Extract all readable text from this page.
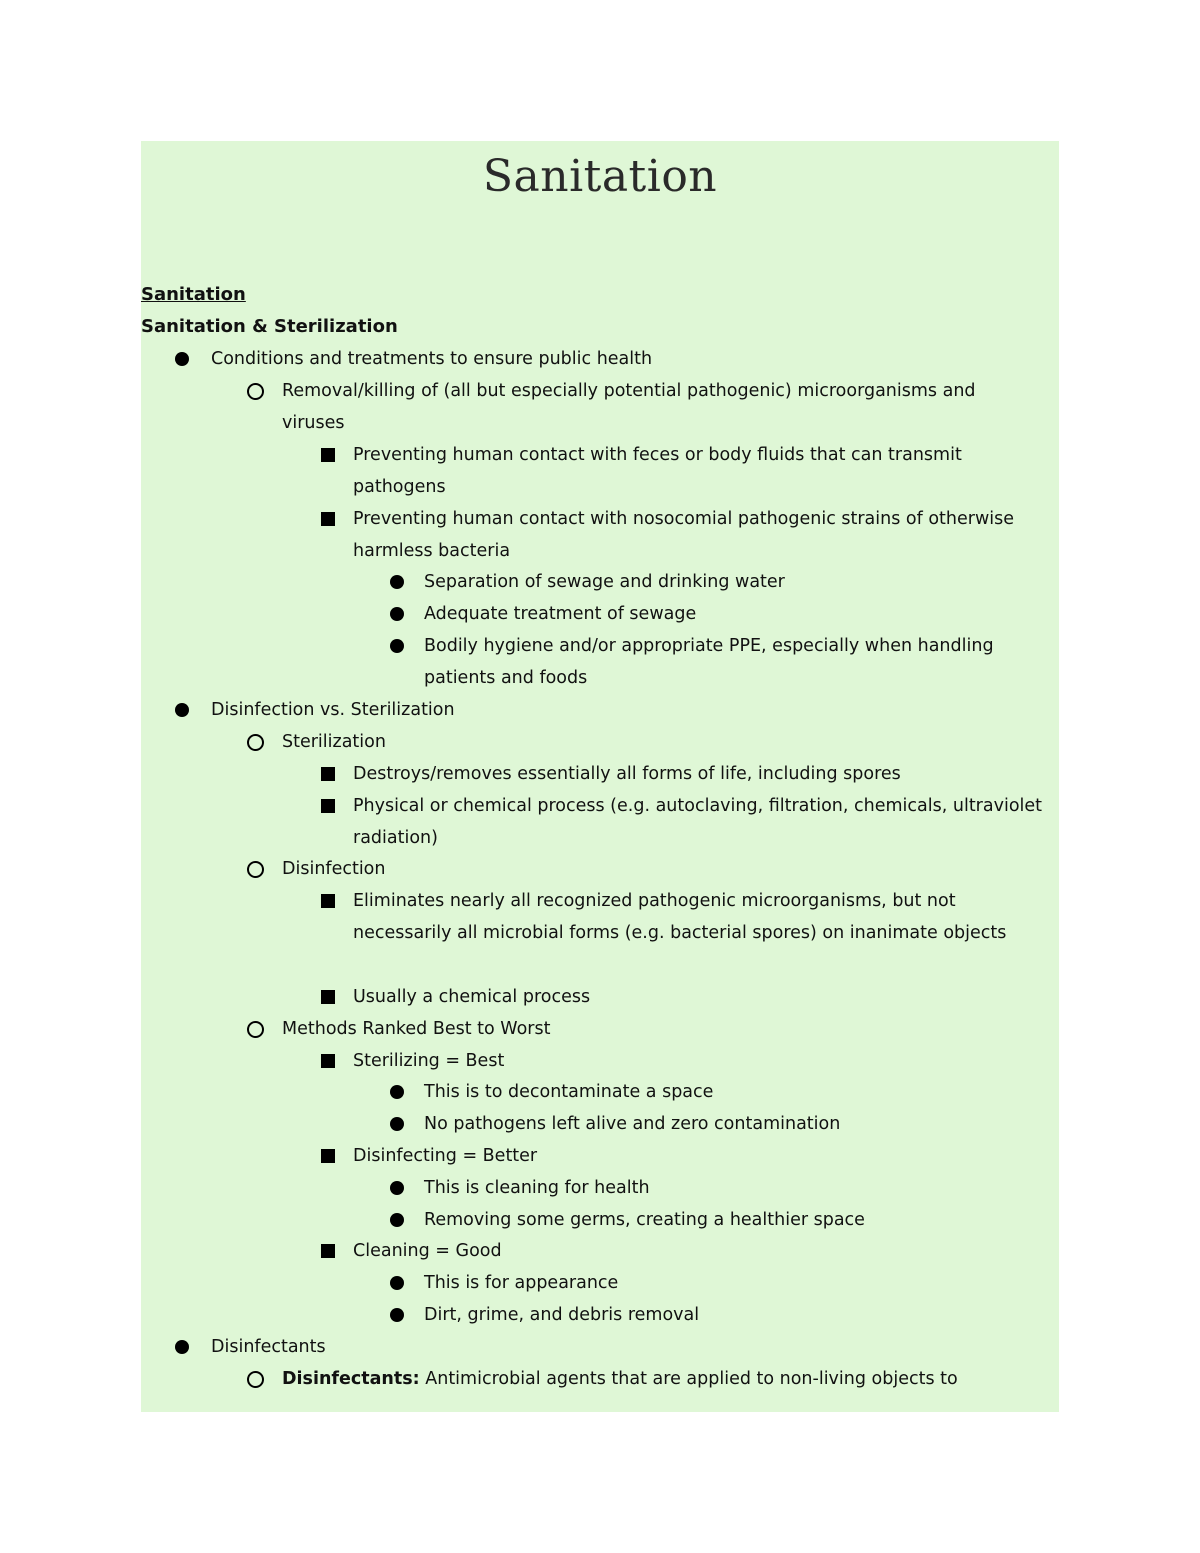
Sanitation
Sanitation
Sanitation & Sterilization
Conditions and treatments to ensure public health
Removal/killing of (all but especially potential pathogenic) microorganisms and viruses
Preventing human contact with feces or body fluids that can transmit pathogens
Preventing human contact with nosocomial pathogenic strains of otherwise harmless bacteria
Separation of sewage and drinking water
Adequate treatment of sewage
Bodily hygiene and/or appropriate PPE, especially when handling patients and foods
Disinfection vs. Sterilization
Sterilization
Destroys/removes essentially all forms of life, including spores
Physical or chemical process (e.g. autoclaving, filtration, chemicals, ultraviolet radiation)
Disinfection
Eliminates nearly all recognized pathogenic microorganisms, but not necessarily all microbial forms (e.g. bacterial spores) on inanimate objects
Usually a chemical process
Methods Ranked Best to Worst
Sterilizing = Best
This is to decontaminate a space
No pathogens left alive and zero contamination
Disinfecting = Better
This is cleaning for health
Removing some germs, creating a healthier space
Cleaning = Good
This is for appearance
Dirt, grime, and debris removal
Disinfectants
Disinfectants: Antimicrobial agents that are applied to non-living objects to
